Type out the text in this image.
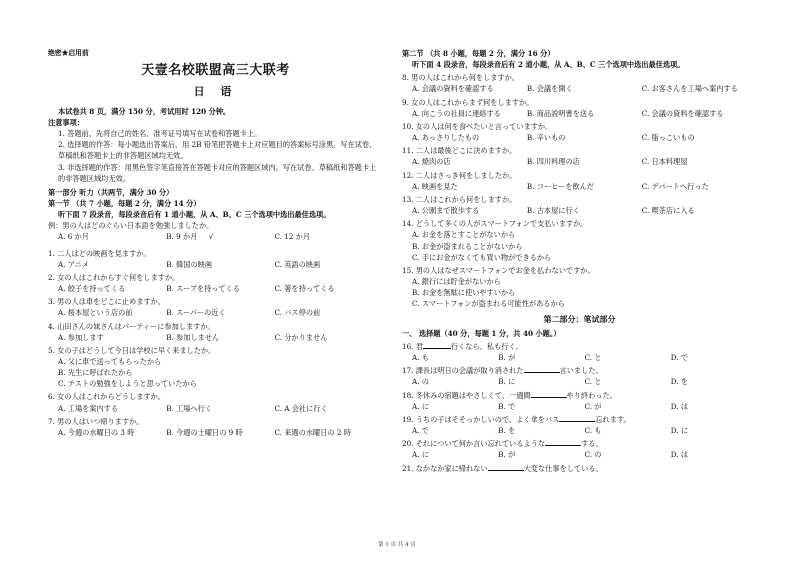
绝密★启用前
天壹名校联盟高三大联考
日 语
本试卷共 8 页，满分 150 分，考试用时 120 分钟。
注意事项：

1. 答题前，先将自己的姓名、准考证号填写在试卷和答题卡上。

2. 选择题的作答：每小题选出答案后，用 2B 铅笔把答题卡上对应题目的答案标号涂黑。写在试卷、草稿纸和答题卡上的非答题区域均无效。

3. 非选择题的作答：用黑色签字笔直接答在答题卡对应的答题区域内。写在试卷、草稿纸和答题卡上的非答题区域均无效。

第一部分 听力（共两节，满分 30 分）
第一节 （共 7 小题，每题 2 分，满分 14 分）
听下面 7 段录音，每段录音后有 1 道小题，从 A、B、C 三个选项中选出最佳选项。
例：男の人はどのぐらい日本語を勉強しましたか。
A. 6 か月	B. 9 か月 √	C. 12 か月
1. 二人はどの映画を見ますか。
A. アニメ	B. 韓国の映画	C. 英語の映画
2. 女の人はこれからすぐ何をしますか。
A. 餃子を持ってくる	B. スープを持ってくる	C. 箸を持ってくる
3. 男の人は車をどこに止めますか。
A. 桜本屋という店の前	B. スーパーの近く	C. バス停の前
4. 山田さんの妹さんはパーティーに参加しますか。
A. 参加します	B. 参加しません	C. 分かりません
5. 女の子はどうして今日は学校に早く来ましたか。
A. 父に車で送ってもらったから
B. 先生に呼ばれたから
C. テストの勉強をしようと思っていたから
6. 女の人はこれからどうしますか。
A. 工場を案内する	B. 工場へ行く	C. A 会社に行く
7. 男の人はいつ帰りますか。
A. 今週の水曜日の 3 時	B. 今週の土曜日の 9 時	C. 来週の水曜日の 2 時
第二节 （共 8 小题，每题 2 分，满分 16 分）
听下面 4 段录音，每段录音后有 2 道小题，从 A、B、C 三个选项中选出最佳选项。
8. 男の人はこれから何をしますか。
A. 会議の資料を確認する	B. 会議を開く	C. お客さんを工場へ案内する
9. 女の人はこれからまず何をしますか。
A. 向こうの社員に連絡する	B. 商品説明書を送る	C. 会議の資料を確認する
10. 女の人は何を食べたいと言っていますか。
A. あっさりしたもの	B. 辛いもの	C. 脂っこいもの
11. 二人は最後どこに決めますか。
A. 焼肉の店	B. 四川料理の店	C. 日本料理屋
12. 二人はさっき何をしましたか。
A. 映画を見た	B. コーヒーを飲んだ	C. デパートへ行った
13. 二人はこれから何をしますか。
A. 公園まで散歩する	B. 古本屋に行く	C. 喫茶店に入る
14. どうして多くの人がスマートフォンで支払いますか。
A. お金を落とすことがないから
B. お金が盗まれることがないから
C. 手にお金がなくても買い物ができるから
15. 男の人はなぜスマートフォンでお金を払わないですか。
A. 銀行には貯金がないから
B. お金を無駄に使いやすいから
C. スマートフォンが盗まれる可能性があるから
第二部分：笔试部分
一、 选择题（40 分，每题 1 分，共 40 小题。）
16. 君	行くなら、私も行く。
A. も	B. が	C. と	D. で
17. 課長は明日の会議が取り消された	言いました。
A. の	B. に	C. と	D. を
18. 冬休みの宿題はやさしくて、一週間	やり終わった。
A. に	B. で	C. が	D. は
19. うちの子はそそっかしいので、よく傘をバス	忘れます。
A. で	B. を	C. も	D. に
20. それについて何か言い忘れているような	する。
A. に	B. が	C. の	D. は
21. なかなか家に帰れない	大変な仕事をしている。
第 1 页 共 4 页
